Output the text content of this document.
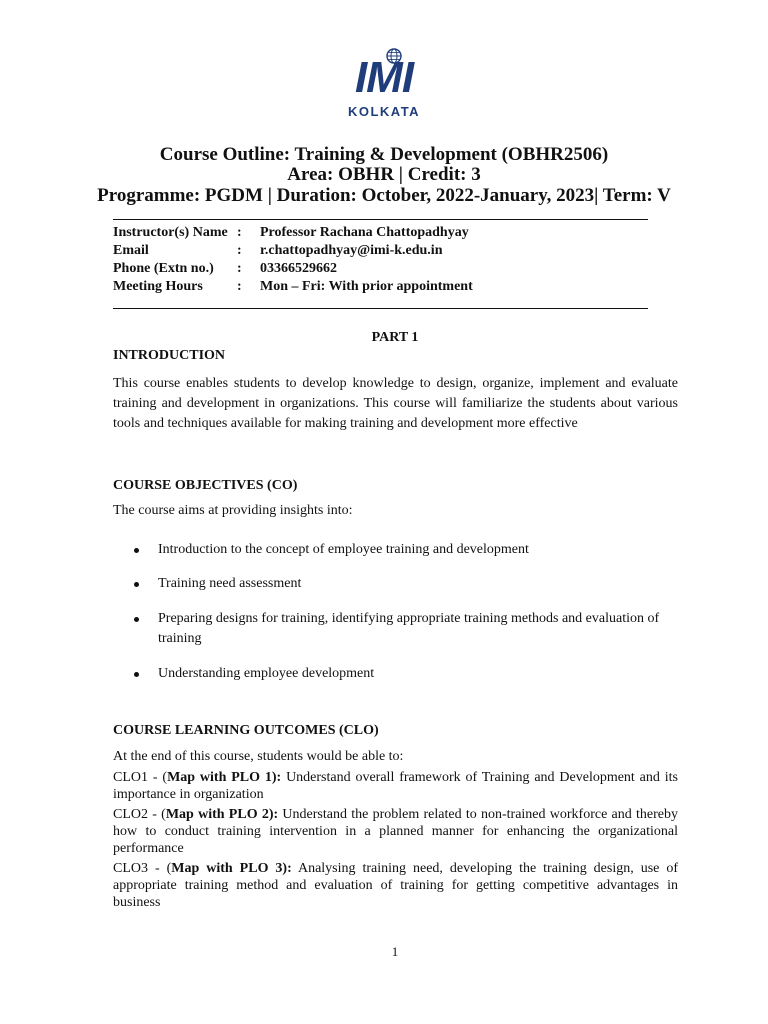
IMI
KOLKATA
Course Outline: Training & Development (OBHR2506)
Area: OBHR | Credit: 3
Programme: PGDM | Duration: October, 2022-January, 2023| Term: V
Instructor(s) Name : Professor Rachana Chattopadhyay
Email	: r.chattopadhyay@imi-k.edu.in
Phone (Extn no.) : 03366529662
Meeting Hours : Mon – Fri: With prior appointment
PART 1
INTRODUCTION
This course enables students to develop knowledge to design, organize, implement and evaluate training and development in organizations. This course will familiarize the students about various tools and techniques available for making training and development more effective
COURSE OBJECTIVES (CO)
The course aims at providing insights into:
Introduction to the concept of employee training and development
Training need assessment
Preparing designs for training, identifying appropriate training methods and evaluation of training
Understanding employee development
COURSE LEARNING OUTCOMES (CLO)
At the end of this course, students would be able to:
CLO1 - (Map with PLO 1): Understand overall framework of Training and Development and its importance in organization
CLO2 - (Map with PLO 2): Understand the problem related to non-trained workforce and thereby how to conduct training intervention in a planned manner for enhancing the organizational performance
CLO3 - (Map with PLO 3): Analysing training need, developing the training design, use of appropriate training method and evaluation of training for getting competitive advantages in business
1
